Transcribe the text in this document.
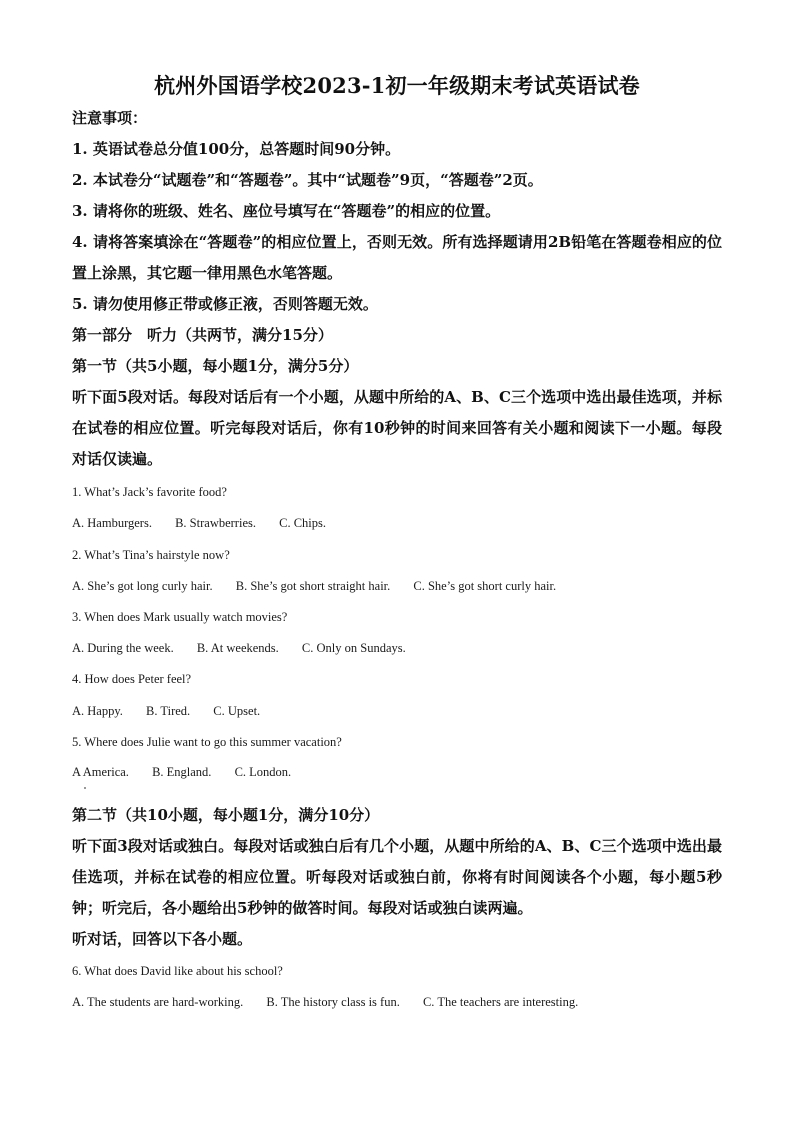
杭州外国语学校2023-1初一年级期末考试英语试卷
注意事项：
1. 英语试卷总分值100分，总答题时间90分钟。
2. 本试卷分“试题卷”和“答题卷”。其中“试题卷”9页，“答题卷”2页。
3. 请将你的班级、姓名、座位号填写在“答题卷”的相应的位置。
4. 请将答案填涂在“答题卷”的相应位置上，否则无效。所有选择题请用2B铅笔在答题卷相应的位置上涂黑，其它题一律用黑色水笔答题。
5. 请勿使用修正带或修正液，否则答题无效。
第一部分　听力（共两节，满分15分）
第一节（共5小题，每小题1分，满分5分）
听下面5段对话。每段对话后有一个小题，从题中所给的A、B、C三个选项中选出最佳选项，并标在试卷的相应位置。听完每段对话后，你有10秒钟的时间来回答有关小题和阅读下一小题。每段对话仅读遍。
1. What’s Jack’s favorite food?
A. Hamburgers. B. Strawberries. C. Chips.
2. What’s Tina’s hairstyle now?
A. She’s got long curly hair. B. She’s got short straight hair. C. She’s got short curly hair.
3. When does Mark usually watch movies?
A. During the week. B. At weekends. C. Only on Sundays.
4. How does Peter feel?
A. Happy. B. Tired. C. Upset.
5. Where does Julie want to go this summer vacation?
A America. B. England. C. London.
第二节（共10小题，每小题1分，满分10分）
听下面3段对话或独白。每段对话或独白后有几个小题，从题中所给的A、B、C三个选项中选出最佳选项，并标在试卷的相应位置。听每段对话或独白前，你将有时间阅读各个小题，每小题5秒钟；听完后，各小题给出5秒钟的做答时间。每段对话或独白读两遍。
听对话，回答以下各小题。
6. What does David like about his school?
A. The students are hard-working. B. The history class is fun. C. The teachers are interesting.
